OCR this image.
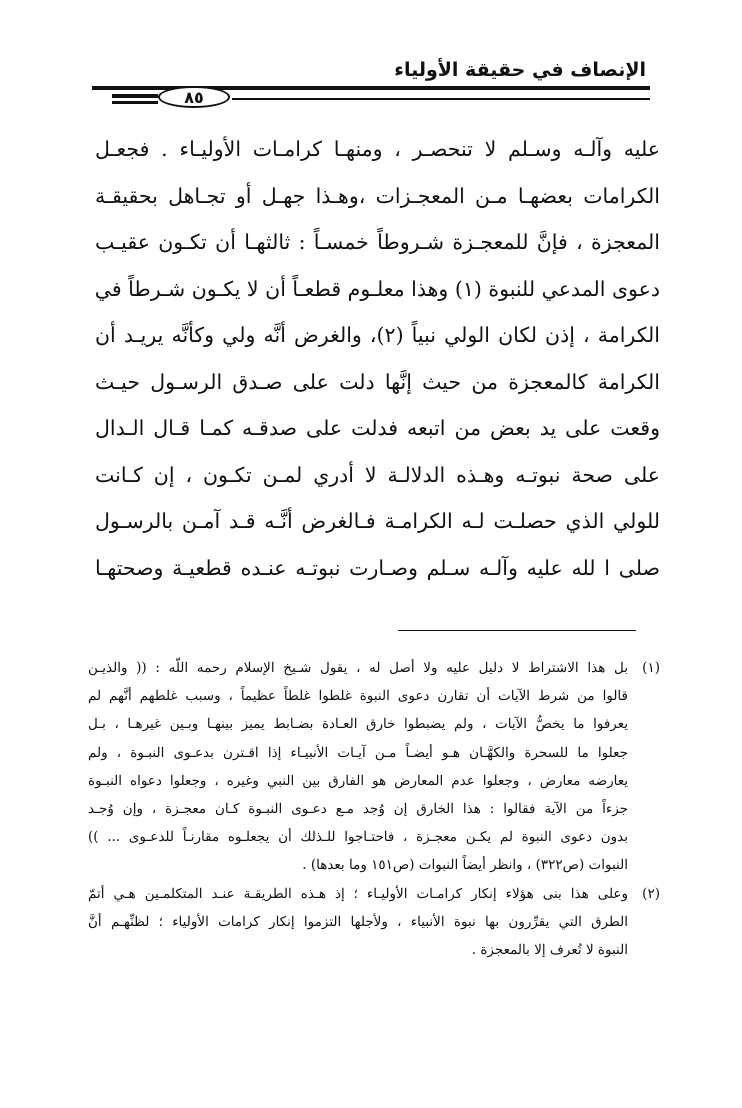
الإنصاف في حقيقة الأولياء
٨٥
عليه وآلـه وسـلم لا تنحصـر ، ومنهـا كرامـات الأوليـاء . فجعـل
الكرامات بعضهـا مـن المعجـزات ،وهـذا جهـل أو تجـاهل بحقيقـة
المعجزة ، فإنَّ للمعجـزة شـروطاً خمسـاً : ثالثهـا أن تكـون عقيـب
دعوى المدعي للنبوة (١) وهذا معلـوم قطعـاً أن لا يكـون شـرطاً في
الكرامة ، إذن لكان الولي نبياً (٢)، والغرض أنَّه ولي وكأنَّه يريـد أن
الكرامة كالمعجزة من حيث إنَّها دلت على صـدق الرسـول حيـث
وقعت على يد بعض من اتبعه فدلت على صدقـه كمـا قـال الـدال
على صحة نبوتـه وهـذه الدلالـة لا أدري لمـن تكـون ، إن كـانت
للولي الذي حصلـت لـه الكرامـة فـالغرض أنَّـه قـد آمـن بالرسـول
صلى ا لله عليه وآلـه سـلم وصـارت نبوتـه عنـده قطعيـة وصحتهـا
(١)
بل هذا الاشتراط لا دليل عليه ولا أصل له ، يقول شـيخ الإسلام رحمه اللّه : (( والذيـن
قالوا من شرط الآيات أن تقارن دعوى النبوة غلطوا غلطاً عظيماً ، وسبب غلطهم أنَّهم لم
يعرفوا ما يخصُّ الآيات ، ولم يضبطوا خارق العـادة بضـابط يميز بينهـا وبـين غيرهـا ، بـل
جعلوا ما للسحرة والكهَّـان هـو أيضـاً مـن آيـات الأنبيـاء إذا اقـترن بدعـوى النبـوة ، ولم
يعارضه معارض ، وجعلوا عدم المعارض هو الفارق بين النبي وغيره ، وجعلوا دعواه النبـوة
جزءاً من الآية فقالوا : هذا الخارق إن وُجد مـع دعـوى النبـوة كـان معجـزة ، وإن وُجـد
بدون دعوى النبوة لم يكـن معجـزة ، فاحتـاجوا للـذلك أن يجعلـوه مقارنـاً للدعـوى ... ))
النبوات (ص٣٢٢) ، وانظر أيضاً النبوات (ص١٥١ وما بعدها) .
(٢)
وعلى هذا بنى هؤلاء إنكار كرامـات الأوليـاء ؛ إذ هـذه الطريقـة عنـد المتكلمـين هـي أتمّ
الطرق التي يقرِّرون بها نبوة الأنبياء ، ولأجلها التزموا إنكار كرامات الأولياء ؛ لظنِّهـم أنَّ
النبوة لا تُعرف إلا بالمعجزة .
